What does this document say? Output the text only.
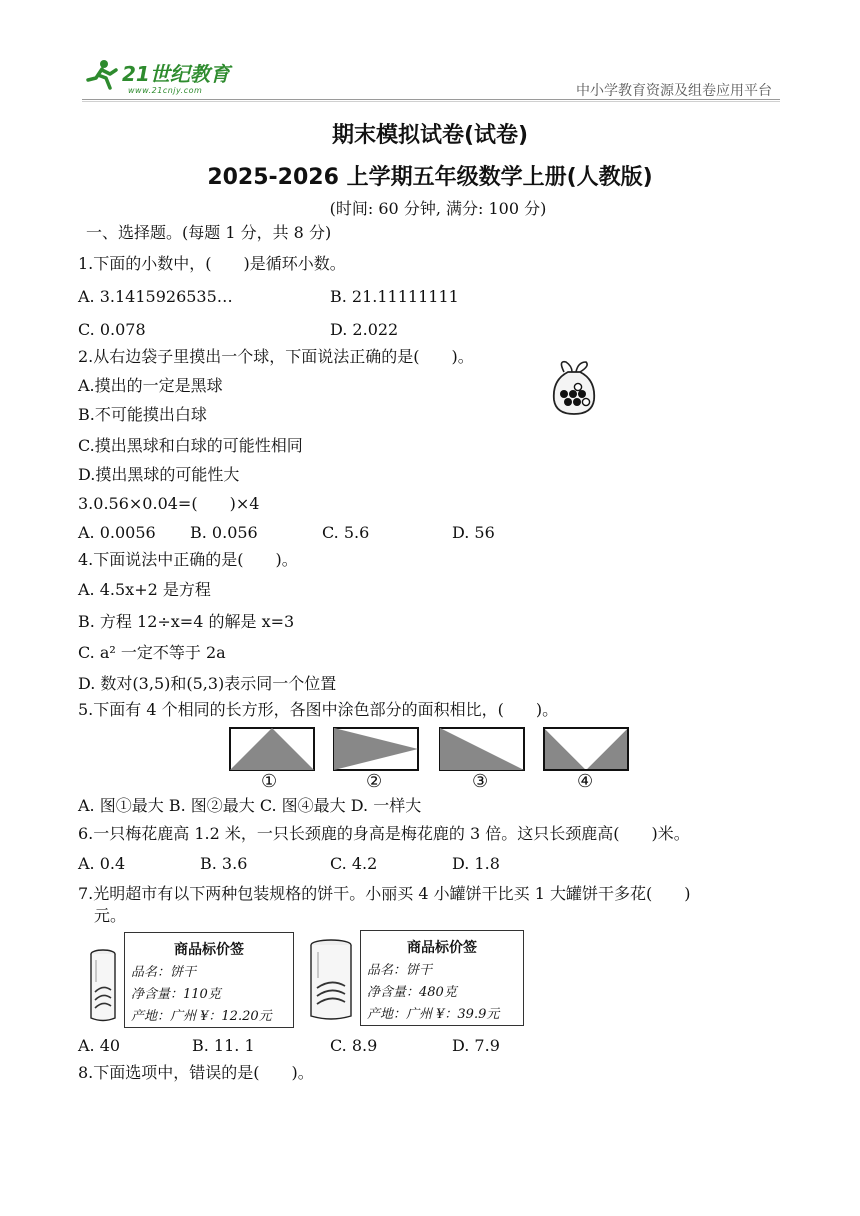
21世纪教育
www.21cnjy.com	中小学教育资源及组卷应用平台
期末模拟试卷(试卷)
2025-2026 上学期五年级数学上册(人教版)
(时间: 60 分钟, 满分: 100 分)
一、选择题。(每题 1 分，共 8 分)
1.下面的小数中，(　　)是循环小数。
A. 3.1415926535…	B. 21.11111111
C. 0.078	D. 2.022
2.从右边袋子里摸出一个球，下面说法正确的是(　　)。
A.摸出的一定是黑球
B.不可能摸出白球
C.摸出黑球和白球的可能性相同
D.摸出黑球的可能性大
3.0.56×0.04=(　　)×4
A. 0.0056 B. 0.056	C. 5.6	D. 56
4.下面说法中正确的是(　　)。
A. 4.5x+2 是方程
B. 方程 12÷x=4 的解是 x=3
C. a² 一定不等于 2a
D. 数对(3,5)和(5,3)表示同一个位置
5.下面有 4 个相同的长方形，各图中涂色部分的面积相比，(　　)。
①	②	③	④
A. 图①最大 B. 图②最大 C. 图④最大 D. 一样大
6.一只梅花鹿高 1.2 米，一只长颈鹿的身高是梅花鹿的 3 倍。这只长颈鹿高(　　)米。
A. 0.4	B. 3.6	C. 4.2	D. 1.8
7.光明超市有以下两种包装规格的饼干。小丽买 4 小罐饼干比买 1 大罐饼干多花(　　)
元。
商品标价签
品名：饼干
净含量：110克
产地：广州 ¥：12.20元
商品标价签
品名：饼干
净含量：480克
产地：广州 ¥：39.9元
A. 40	B. 11. 1	C. 8.9	D. 7.9
8.下面选项中，错误的是(　　)。
